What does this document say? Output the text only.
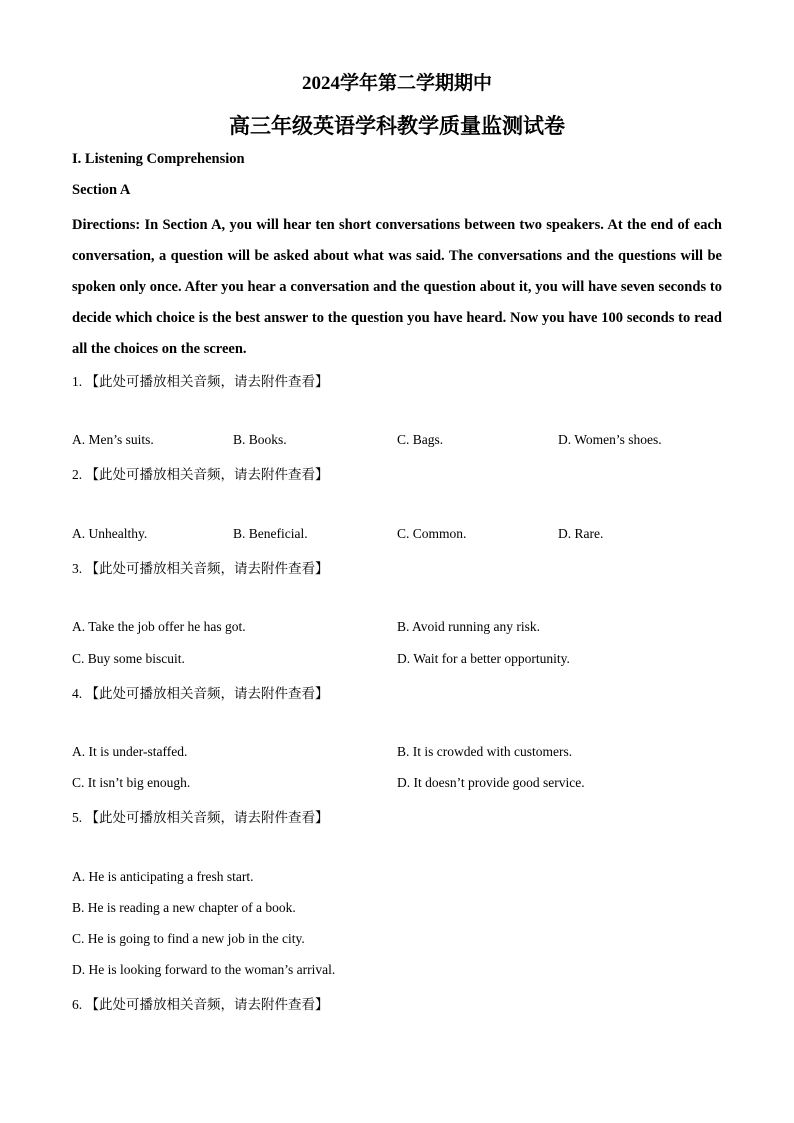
2024学年第二学期期中
高三年级英语学科教学质量监测试卷
I. Listening Comprehension
Section A
Directions: In Section A, you will hear ten short conversations between two speakers. At the end of each conversation, a question will be asked about what was said. The conversations and the questions will be spoken only once. After you hear a conversation and the question about it, you will have seven seconds to decide which choice is the best answer to the question you have heard. Now you have 100 seconds to read all the choices on the screen.
1. 【此处可播放相关音频，请去附件查看】
A. Men’s suits.	B. Books.	C. Bags.	D. Women’s shoes.
2. 【此处可播放相关音频，请去附件查看】
A. Unhealthy.	B. Beneficial.	C. Common.	D. Rare.
3. 【此处可播放相关音频，请去附件查看】
A. Take the job offer he has got.	B. Avoid running any risk.
C. Buy some biscuit.	D. Wait for a better opportunity.
4. 【此处可播放相关音频，请去附件查看】
A. It is under-staffed.	B. It is crowded with customers.
C. It isn’t big enough.	D. It doesn’t provide good service.
5. 【此处可播放相关音频，请去附件查看】
A. He is anticipating a fresh start.
B. He is reading a new chapter of a book.
C. He is going to find a new job in the city.
D. He is looking forward to the woman’s arrival.
6. 【此处可播放相关音频，请去附件查看】
